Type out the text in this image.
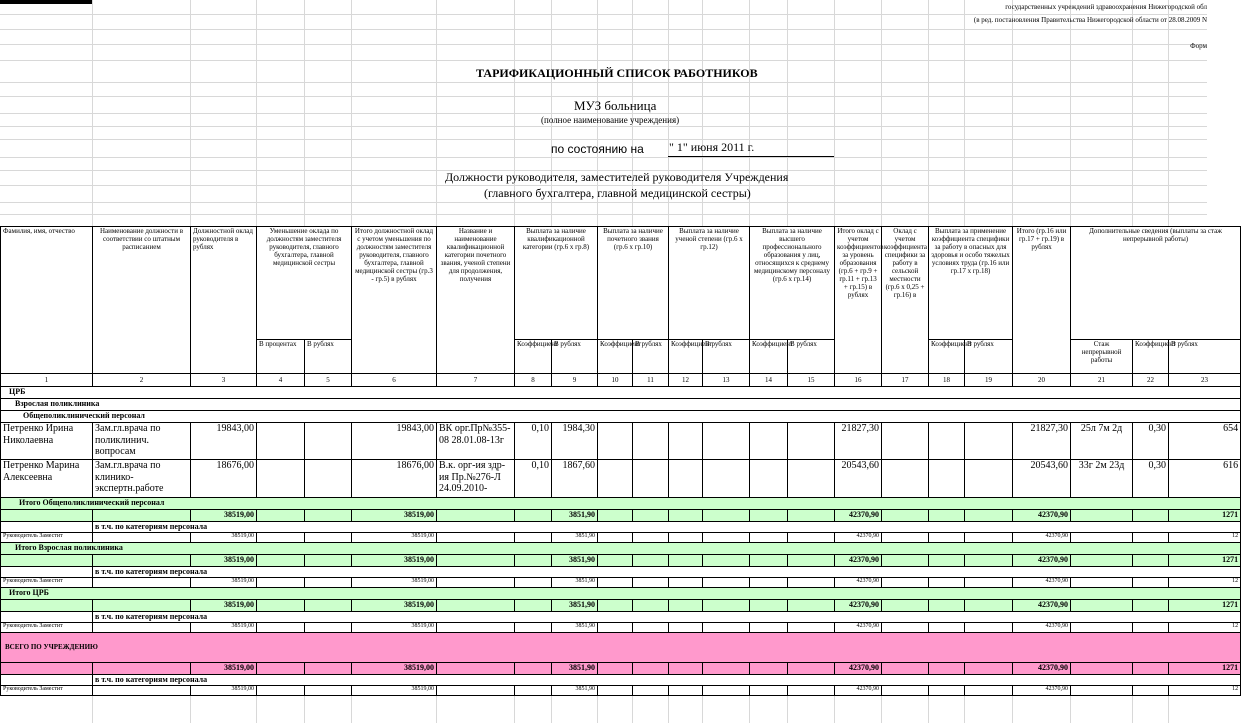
государственных учреждений здравоохранения Нижегородской обл
(в ред. постановления Правительства Нижегородской области от 28.08.2009 N
Форм
ТАРИФИКАЦИОННЫЙ СПИСОК РАБОТНИКОВ
МУЗ больница
(полное наименование учреждения)
по состоянию на " 1" июня 2011 г.
Должности руководителя, заместителей руководителя Учреждения
(главного бухгалтера, главной медицинской сестры)
Фамилия, имя, отчество	Наименование должности в соответствии со штатным расписанием	Должностной оклад руководителя в рублях	Уменьшение оклада по должностям заместителя руководителя, главного бухгалтера, главной медицинской сестры		Итого должностной оклад с учетом уменьшения по должностям заместителя руководителя, главного бухгалтера, главной медицинской сестры (гр.3 - гр.5) в рублях	Название и наименование квалификационной категории почетного звания, ученой степени для продолжения, получения	Выплата за наличие квалификационной категории (гр.6 х гр.8)		Выплата за наличие почетного звания (гр.6 х гр.10)		Выплата за наличие ученой степени (гр.6 х гр.12)		Выплата за наличие высшего профессионального образования у лиц, относящихся к среднему медицинскому персоналу (гр.6 х гр.14)		Итого оклад с учетом коэффициентов за уровень образования (гр.6 + гр.9 + гр.11 + гр.13 + гр.15) в рублях	Оклад с учетом коэффициента специфики за работу в сельской местности (гр.6 х 0,25 + гр.16) в	Выплата за применение коэффициента специфики за работу в опасных для здоровья и особо тяжелых условиях труда (гр.16 или гр.17 х гр.18)		Итого (гр.16 или гр.17 + гр.19) в рублях	Дополнительные сведения (выплаты за стаж непрерывной работы)		
			В процентах	В рублях			Коэффициент	В рублях	Коэффициент	В рублях	Коэффициент	В рублях	Коэффициент	В рублях			Коэффициент	В рублях		Стаж непрерывной работы	Коэффициент	В рублях
1	2	3	4	5	6	7	8	9	10	11	12	13	14	15	16	17	18	19	20	21	22	23
ЦРБ																						
Взрослая поликлиника																						
Общеполиклинический персонал																						
Петренко Ирина Николаевна	Зам.гл.врача по поликлинич. вопросам	19843,00			19843,00	ВК орг.Пр№355-08 28.01.08-13г	0,10	1984,30							21827,30				21827,30	25л 7м 2д	0,30	654
Петренко Марина Алексеевна	Зам.гл.врача по клинико-экспертн.работе	18676,00			18676,00	В.к. орг-ия здр-ия Пр.№276-Л 24.09.2010-	0,10	1867,60							20543,60				20543,60	33г 2м 23д	0,30	616
Итого Общеполиклинический персонал																						
		38519,00			38519,00			3851,90							42370,90				42370,90			1271
	в т.ч. по категориям персонала																					
Руководитель Заместит		38519,00			38519,00			3851,90							42370,90				42370,90			12
Итого Взрослая поликлиника																						
		38519,00			38519,00			3851,90							42370,90				42370,90			1271
	в т.ч. по категориям персонала																					
Руководитель Заместит		38519,00			38519,00			3851,90							42370,90				42370,90			12
Итого ЦРБ																						
		38519,00			38519,00			3851,90							42370,90				42370,90			1271
	в т.ч. по категориям персонала																					
Руководитель Заместит		38519,00			38519,00			3851,90							42370,90				42370,90			12
ВСЕГО ПО УЧРЕЖДЕНИЮ																						
		38519,00			38519,00			3851,90							42370,90				42370,90			1271
	в т.ч. по категориям персонала																					
Руководитель Заместит		38519,00			38519,00			3851,90							42370,90				42370,90			12
